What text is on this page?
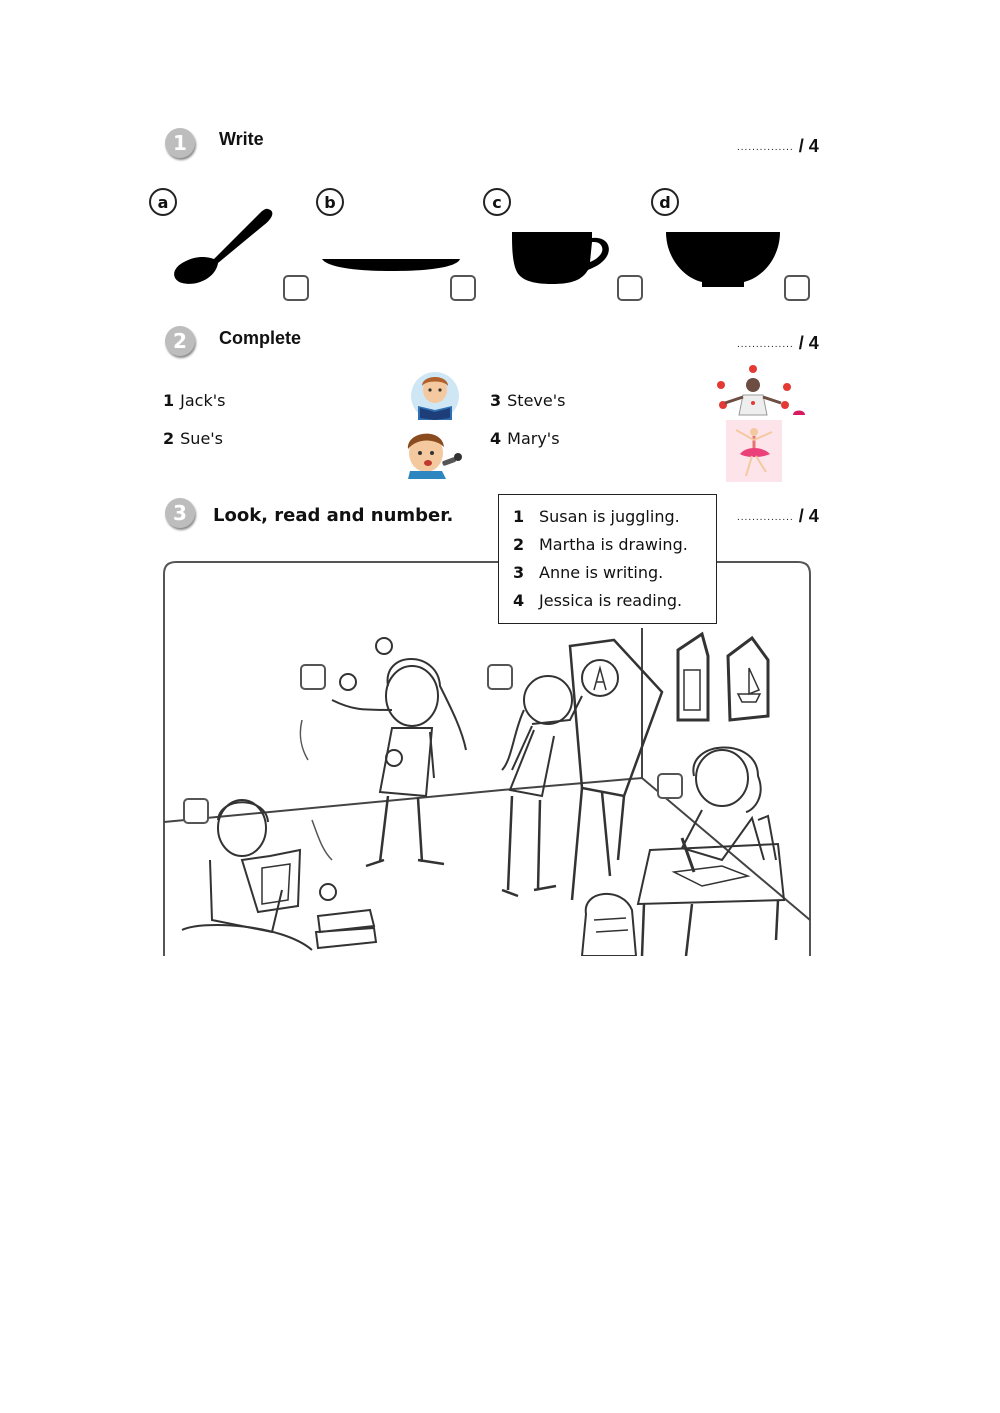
1	Write	............... / 4
a	b	c	d
2	Complete	............... / 4
1 Jack's
2 Sue's
3 Steve's
4 Mary's
3	Look, read and number.	............... / 4
1 Susan is juggling.
2 Martha is drawing.
3 Anne is writing.
4 Jessica is reading.
